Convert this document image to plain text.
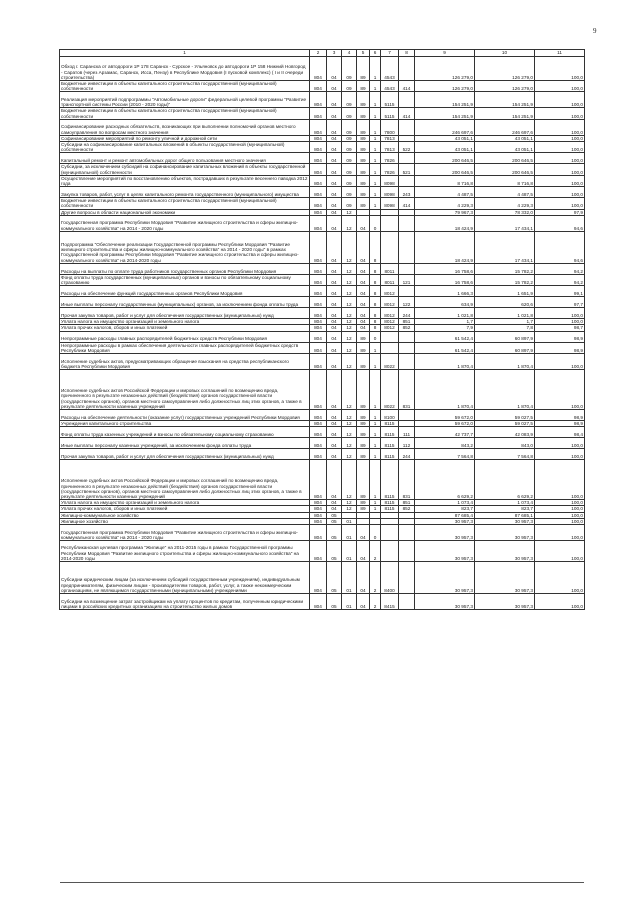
9
1	2	3	4	5	6	7	8	9	10	11
Обход г. Саранска от автодороги 1Р 178 Саранск - Сурское - Ульяновск до автодороги 1Р 158 Нижний Новгород - Саратов (через Арзамас, Саранск, Исса, Пензу) в Республике Мордовия (I пусковой комплекс) ( I и II очереди строительства)	804	04	09	89	1	4543		126 279,0	126 279,0	100,0
Бюджетные инвестиции в объекты капитального строительства государственной (муниципальной) собственности	804	04	09	89	1	4543	414	126 279,0	126 279,0	100,0
Реализация мероприятий подпрограммы "Автомобильные дороги" федеральной целевой программы "Развитие транспортной системы России (2010 - 2020 годы)"	804	04	09	89	1	5115		154 251,9	154 251,9	100,0
Бюджетные инвестиции в объекты капитального строительства государственной (муниципальной) собственности	804	04	09	89	1	5115	414	154 251,9	154 251,9	100,0
Софинансирование расходных обязательств, возникающих при выполнении полномочий органов местного самоуправления по вопросам местного значения	804	04	09	89	1	7800		246 697,6	246 697,6	100,0
Софинансирование мероприятий по ремонту уличной и дорожной сети	804	04	09	89	1	7813		43 051,1	43 051,1	100,0
Субсидии на софинансирование капитальных вложений в объекты государственной (муниципальной) собственности	804	04	09	89	1	7813	522	43 051,1	43 051,1	100,0
Капитальный ремонт и ремонт автомобильных дорог общего пользования местного значения	804	04	09	89	1	7826		200 646,5	200 646,5	100,0
Субсидии, за исключением субсидий на софинансирование капитальных вложений в объекты государственной (муниципальной) собственности	804	04	09	89	1	7826	521	200 646,5	200 646,5	100,0
Осуществление мероприятий по восстановлению объектов, пострадавших в результате весеннего паводка 2012 года	804	04	09	89	1	8098		8 716,8	8 716,8	100,0
Закупка товаров, работ, услуг в целях капитального ремонта государственного (муниципального) имущества	804	04	09	89	1	8098	243	4 487,5	4 487,5	100,0
Бюджетные инвестиции в объекты капитального строительства государственной (муниципальной) собственности	804	04	09	89	1	8098	414	4 229,3	4 229,3	100,0
Другие вопросы в области национальной экономики	804	04	12					79 967,3	78 332,0	97,9
Государственная программа Республики Мордовия "Развитие жилищного строительства и сферы жилищно-коммунального хозяйства" на 2014 - 2020 годы	804	04	12	04	0			18 424,9	17 434,1	94,6
Подпрограмма "Обеспечение реализации Государственной программы Республики Мордовия "Развитие жилищного строительства и сферы жилищно-коммунального хозяйства" на 2014 - 2020 годы" в рамках Государственной программы Республики Мордовия "Развитие жилищного строительства и сферы жилищно-коммунального хозяйства" на 2014-2020 годы	804	04	12	04	8			18 424,9	17 434,1	94,6
Расходы на выплаты по оплате труда работников государственных органов Республики Мордовия	804	04	12	04	8	8011		16 758,6	15 782,2	94,2
Фонд оплаты труда государственных (муниципальных) органов и взносы по обязательному социальному страхованию	804	04	12	04	8	8011	121	16 758,6	15 782,2	94,2
Расходы на обеспечение функций государственных органов Республики Мордовия	804	04	12	04	8	8012		1 666,3	1 651,9	99,1
Иные выплаты персоналу государственных (муниципальных) органов, за исключением фонда оплаты труда	804	04	12	04	8	8012	122	634,9	620,6	97,7
Прочая закупка товаров, работ и услуг для обеспечения государственных (муниципальных) нужд	804	04	12	04	8	8012	244	1 021,8	1 021,8	100,0
Уплата налога на имущество организаций и земельного налога	804	04	12	04	8	8012	851	1,7	1,7	100,0
Уплата прочих налогов, сборов и иных платежей	804	04	12	04	8	8012	852	7,9	7,8	98,7
Непрограммные расходы главных распорядителей бюджетных средств Республики Мордовия	804	04	12	89	0			61 542,4	60 897,9	98,9
Непрограммные расходы в рамках обеспечения деятельности главных распорядителей бюджетных средств Республики Мордовия	804	04	12	89	1			61 542,4	60 897,9	98,9
Исполнение судебных актов, предусматривающих обращение взыскания на средства республиканского бюджета Республики Мордовия	804	04	12	89	1	8022		1 870,4	1 870,4	100,0
Исполнение судебных актов Российской Федерации и мировых соглашений по возмещению вреда, причиненного в результате незаконных действий (бездействия) органов государственной власти (государственных органов), органов местного самоуправления либо должностных лиц этих органов, а также в результате деятельности казенных учреждений	804	04	12	89	1	8022	831	1 870,4	1 870,4	100,0
Расходы на обеспечение деятельности (оказание услуг) государственных учреждений Республики Мордовия	804	04	12	89	1	8100		59 672,0	59 027,5	98,9
Учреждения капитального строительства	804	04	12	89	1	8115		59 672,0	59 027,5	98,9
Фонд оплаты труда казенных учреждений и взносы по обязательному социальному страхованию	804	04	12	89	1	8115	111	42 737,7	42 083,9	98,4
Иные выплаты персоналу казенных учреждений, за исключением фонда оплаты труда	804	04	12	89	1	8115	112	843,2	843,0	100,0
Прочая закупка товаров, работ и услуг для обеспечения государственных (муниципальных) нужд	804	04	12	89	1	8115	244	7 564,8	7 564,8	100,0
Исполнение судебных актов Российской Федерации и мировых соглашений по возмещению вреда, причиненного в результате незаконных действий (бездействия) органов государственной власти (государственных органов), органов местного самоуправления либо должностных лиц этих органов, а также в результате деятельности казенных учреждений	804	04	12	89	1	8115	831	6 629,2	6 629,2	100,0
Уплата налога на имущество организаций и земельного налога	804	04	12	89	1	8115	851	1 073,4	1 073,4	100,0
Уплата прочих налогов, сборов и иных платежей	804	04	12	89	1	8115	852	823,7	823,7	100,0
Жилищно-коммунальное хозяйство	804	05						87 685,4	87 685,1	100,0
Жилищное хозяйство	804	05	01					30 957,3	30 957,3	100,0
Государственная программа Республики Мордовия "Развитие жилищного строительства и сферы жилищно-коммунального хозяйства" на 2014 - 2020 годы	804	05	01	04	0			30 957,3	30 957,3	100,0
Республиканская целевая программа "Жилище" на 2011-2015 годы в рамках Государственной программы Республики Мордовия "Развитие жилищного строительства и сферы жилищно-коммунального хозяйства" на 2014-2020 годы	804	05	01	04	2			30 957,3	30 957,3	100,0
Субсидии юридическим лицам (за исключением субсидий государственным учреждениям), индивидуальным предпринимателям, физическим лицам - производителям товаров, работ, услуг, а также некоммерческим организациям, не являющимся государственными (муниципальными) учреждениями	804	05	01	04	2	8400		30 957,3	30 957,3	100,0
Субсидии на возмещение затрат застройщикам на уплату процентов по кредитам, полученным юридическими лицами в российских кредитных организациях на строительство жилых домов	804	05	01	04	2	8415		30 957,3	30 957,3	100,0
